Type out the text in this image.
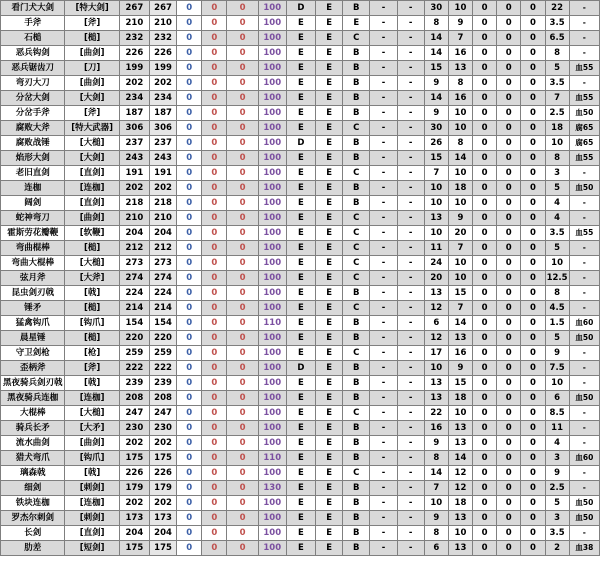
看门犬大剑	[特大剑]	267	267	0	0	0	100	D	E	B	-	-	30	10	0	0	0	22	-
手斧	[斧]	210	210	0	0	0	100	E	E	E	-	-	8	9	0	0	0	3.5	-
石槌	[槌]	232	232	0	0	0	100	E	E	C	-	-	14	7	0	0	0	6.5	-
恶兵钩剑	[曲剑]	226	226	0	0	0	100	E	E	B	-	-	14	16	0	0	0	8	-
恶兵锯齿刀	[刀]	199	199	0	0	0	100	E	E	B	-	-	15	13	0	0	0	5	血55
弯刃大刀	[曲剑]	202	202	0	0	0	100	E	E	B	-	-	9	8	0	0	0	3.5	-
分岔大剑	[大剑]	234	234	0	0	0	100	E	E	B	-	-	14	16	0	0	0	7	血55
分岔手斧	[斧]	187	187	0	0	0	100	E	E	B	-	-	9	10	0	0	0	2.5	血50
腐败大斧	[特大武器]	306	306	0	0	0	100	E	E	C	-	-	30	10	0	0	0	18	腐65
腐败战锤	[大槌]	237	237	0	0	0	100	D	E	B	-	-	26	8	0	0	0	10	腐65
焰形大剑	[大剑]	243	243	0	0	0	100	E	E	B	-	-	15	14	0	0	0	8	血55
老旧直剑	[直剑]	191	191	0	0	0	100	E	E	C	-	-	7	10	0	0	0	3	-
连枷	[连枷]	202	202	0	0	0	100	E	E	B	-	-	10	18	0	0	0	5	血50
阔剑	[直剑]	218	218	0	0	0	100	E	E	B	-	-	10	10	0	0	0	4	-
蛇神弯刀	[曲剑]	210	210	0	0	0	100	E	E	C	-	-	13	9	0	0	0	4	-
霍斯劳花瓣鞭	[软鞭]	204	204	0	0	0	100	E	E	C	-	-	10	20	0	0	0	3.5	血55
弯曲棍棒	[槌]	212	212	0	0	0	100	E	E	C	-	-	11	7	0	0	0	5	-
弯曲大棍棒	[大槌]	273	273	0	0	0	100	E	E	C	-	-	24	10	0	0	0	10	-
弦月斧	[大斧]	274	274	0	0	0	100	E	E	C	-	-	20	10	0	0	0	12.5	-
昆虫剑刃戟	[戟]	224	224	0	0	0	100	E	E	B	-	-	13	15	0	0	0	8	-
锤矛	[槌]	214	214	0	0	0	100	E	E	C	-	-	12	7	0	0	0	4.5	-
猛禽钩爪	[钩爪]	154	154	0	0	0	110	E	E	B	-	-	6	14	0	0	0	1.5	血60
晨星锤	[槌]	220	220	0	0	0	100	E	E	B	-	-	12	13	0	0	0	5	血50
守卫剑枪	[枪]	259	259	0	0	0	100	E	E	C	-	-	17	16	0	0	0	9	-
歪柄斧	[斧]	222	222	0	0	0	100	D	E	B	-	-	10	9	0	0	0	7.5	-
黑夜骑兵剑刃戟	[戟]	239	239	0	0	0	100	E	E	B	-	-	13	15	0	0	0	10	-
黑夜骑兵连枷	[连枷]	208	208	0	0	0	100	E	E	B	-	-	13	18	0	0	0	6	血50
大棍棒	[大槌]	247	247	0	0	0	100	E	E	C	-	-	22	10	0	0	0	8.5	-
骑兵长矛	[大矛]	230	230	0	0	0	100	E	E	B	-	-	16	13	0	0	0	11	-
流水曲剑	[曲剑]	202	202	0	0	0	100	E	E	B	-	-	9	13	0	0	0	4	-
猎犬弯爪	[钩爪]	175	175	0	0	0	110	E	E	B	-	-	8	14	0	0	0	3	血60
璃森戟	[戟]	226	226	0	0	0	100	E	E	C	-	-	14	12	0	0	0	9	-
细剑	[刺剑]	179	179	0	0	0	130	E	E	B	-	-	7	12	0	0	0	2.5	-
铁块连枷	[连枷]	202	202	0	0	0	100	E	E	B	-	-	10	18	0	0	0	5	血50
罗杰尔刺剑	[刺剑]	173	173	0	0	0	100	E	E	B	-	-	9	13	0	0	0	3	血50
长剑	[直剑]	204	204	0	0	0	100	E	E	B	-	-	8	10	0	0	0	3.5	-
肋差	[短剑]	175	175	0	0	0	100	E	E	B	-	-	6	13	0	0	0	2	血38
